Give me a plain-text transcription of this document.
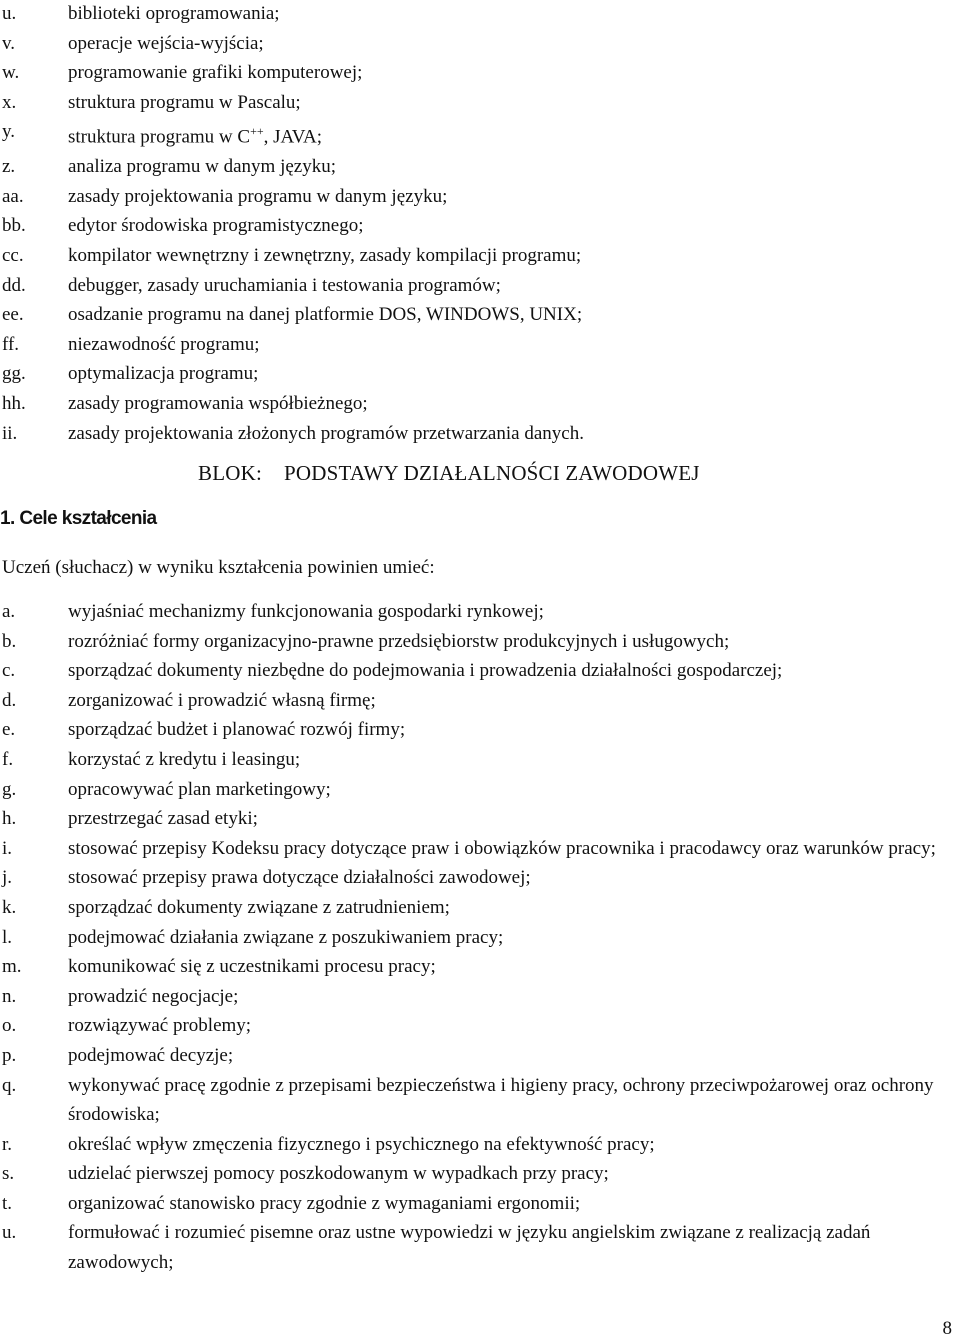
u.	biblioteki oprogramowania;
v.	operacje wejścia-wyjścia;
w.	programowanie grafiki komputerowej;
x.	struktura programu w Pascalu;
y.	struktura programu w C++, JAVA;
z.	analiza programu w danym języku;
aa. zasady projektowania programu w danym języku;
bb. edytor środowiska programistycznego;
cc. kompilator wewnętrzny i zewnętrzny, zasady kompilacji programu;
dd. debugger, zasady uruchamiania i testowania programów;
ee. osadzanie programu na danej platformie DOS, WINDOWS, UNIX;
ff.	niezawodność programu;
gg. optymalizacja programu;
hh. zasady programowania współbieżnego;
ii.	zasady projektowania złożonych programów przetwarzania danych.
BLOK: PODSTAWY DZIAŁALNOŚCI ZAWODOWEJ
1. Cele kształcenia
Uczeń (słuchacz) w wyniku kształcenia powinien umieć:
a.	wyjaśniać mechanizmy funkcjonowania gospodarki rynkowej;
b.	rozróżniać formy organizacyjno-prawne przedsiębiorstw produkcyjnych i usługowych;
c.	sporządzać dokumenty niezbędne do podejmowania i prowadzenia działalności gospodarczej;
d.	zorganizować i prowadzić własną firmę;
e.	sporządzać budżet i planować rozwój firmy;
f.	korzystać z kredytu i leasingu;
g.	opracowywać plan marketingowy;
h.	przestrzegać zasad etyki;
i.	stosować przepisy Kodeksu pracy dotyczące praw i obowiązków pracownika i pracodawcy oraz warunków pracy;
j.	stosować przepisy prawa dotyczące działalności zawodowej;
k.	sporządzać dokumenty związane z zatrudnieniem;
l.	podejmować działania związane z poszukiwaniem pracy;
m. komunikować się z uczestnikami procesu pracy;
n.	prowadzić negocjacje;
o.	rozwiązywać problemy;
p.	podejmować decyzje;
q.	wykonywać pracę zgodnie z przepisami bezpieczeństwa i higieny pracy, ochrony przeciwpożarowej oraz ochrony środowiska;
r.	określać wpływ zmęczenia fizycznego i psychicznego na efektywność pracy;
s.	udzielać pierwszej pomocy poszkodowanym w wypadkach przy pracy;
t.	organizować stanowisko pracy zgodnie z wymaganiami ergonomii;
u.	formułować i rozumieć pisemne oraz ustne wypowiedzi w języku angielskim związane z realizacją zadań zawodowych;
8
